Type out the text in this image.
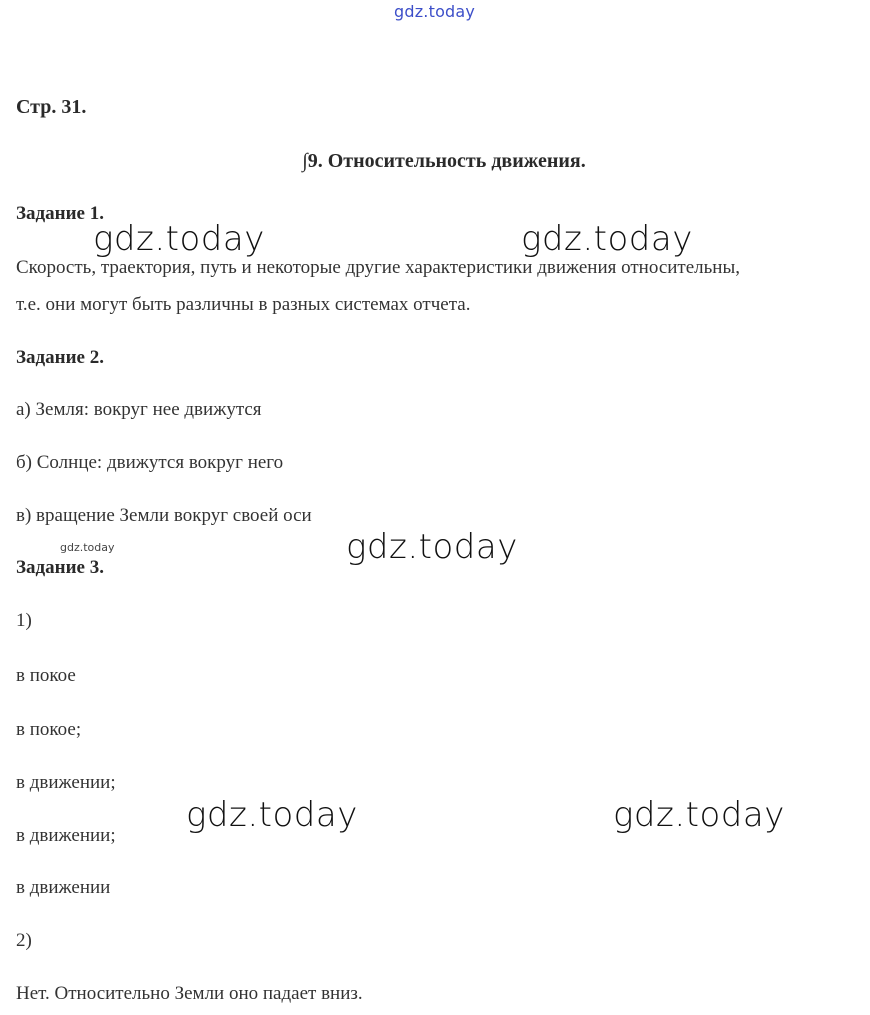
gdz.today
Стр. 31.
∫9. Относительность движения.
Задание 1.
Скорость, траектория, путь и некоторые другие характеристики движения относительны,
т.е. они могут быть различны в разных системах отчета.
Задание 2.
а) Земля: вокруг нее движутся
б) Солнце: движутся вокруг него
в) вращение Земли вокруг своей оси
Задание 3.
1)
в покое
в покое;
в движении;
в движении;
в движении
2)
Нет. Относительно Земли оно падает вниз.
gdz.today	gdz.today
gdz.today
gdz.today
gdz.today	gdz.today
